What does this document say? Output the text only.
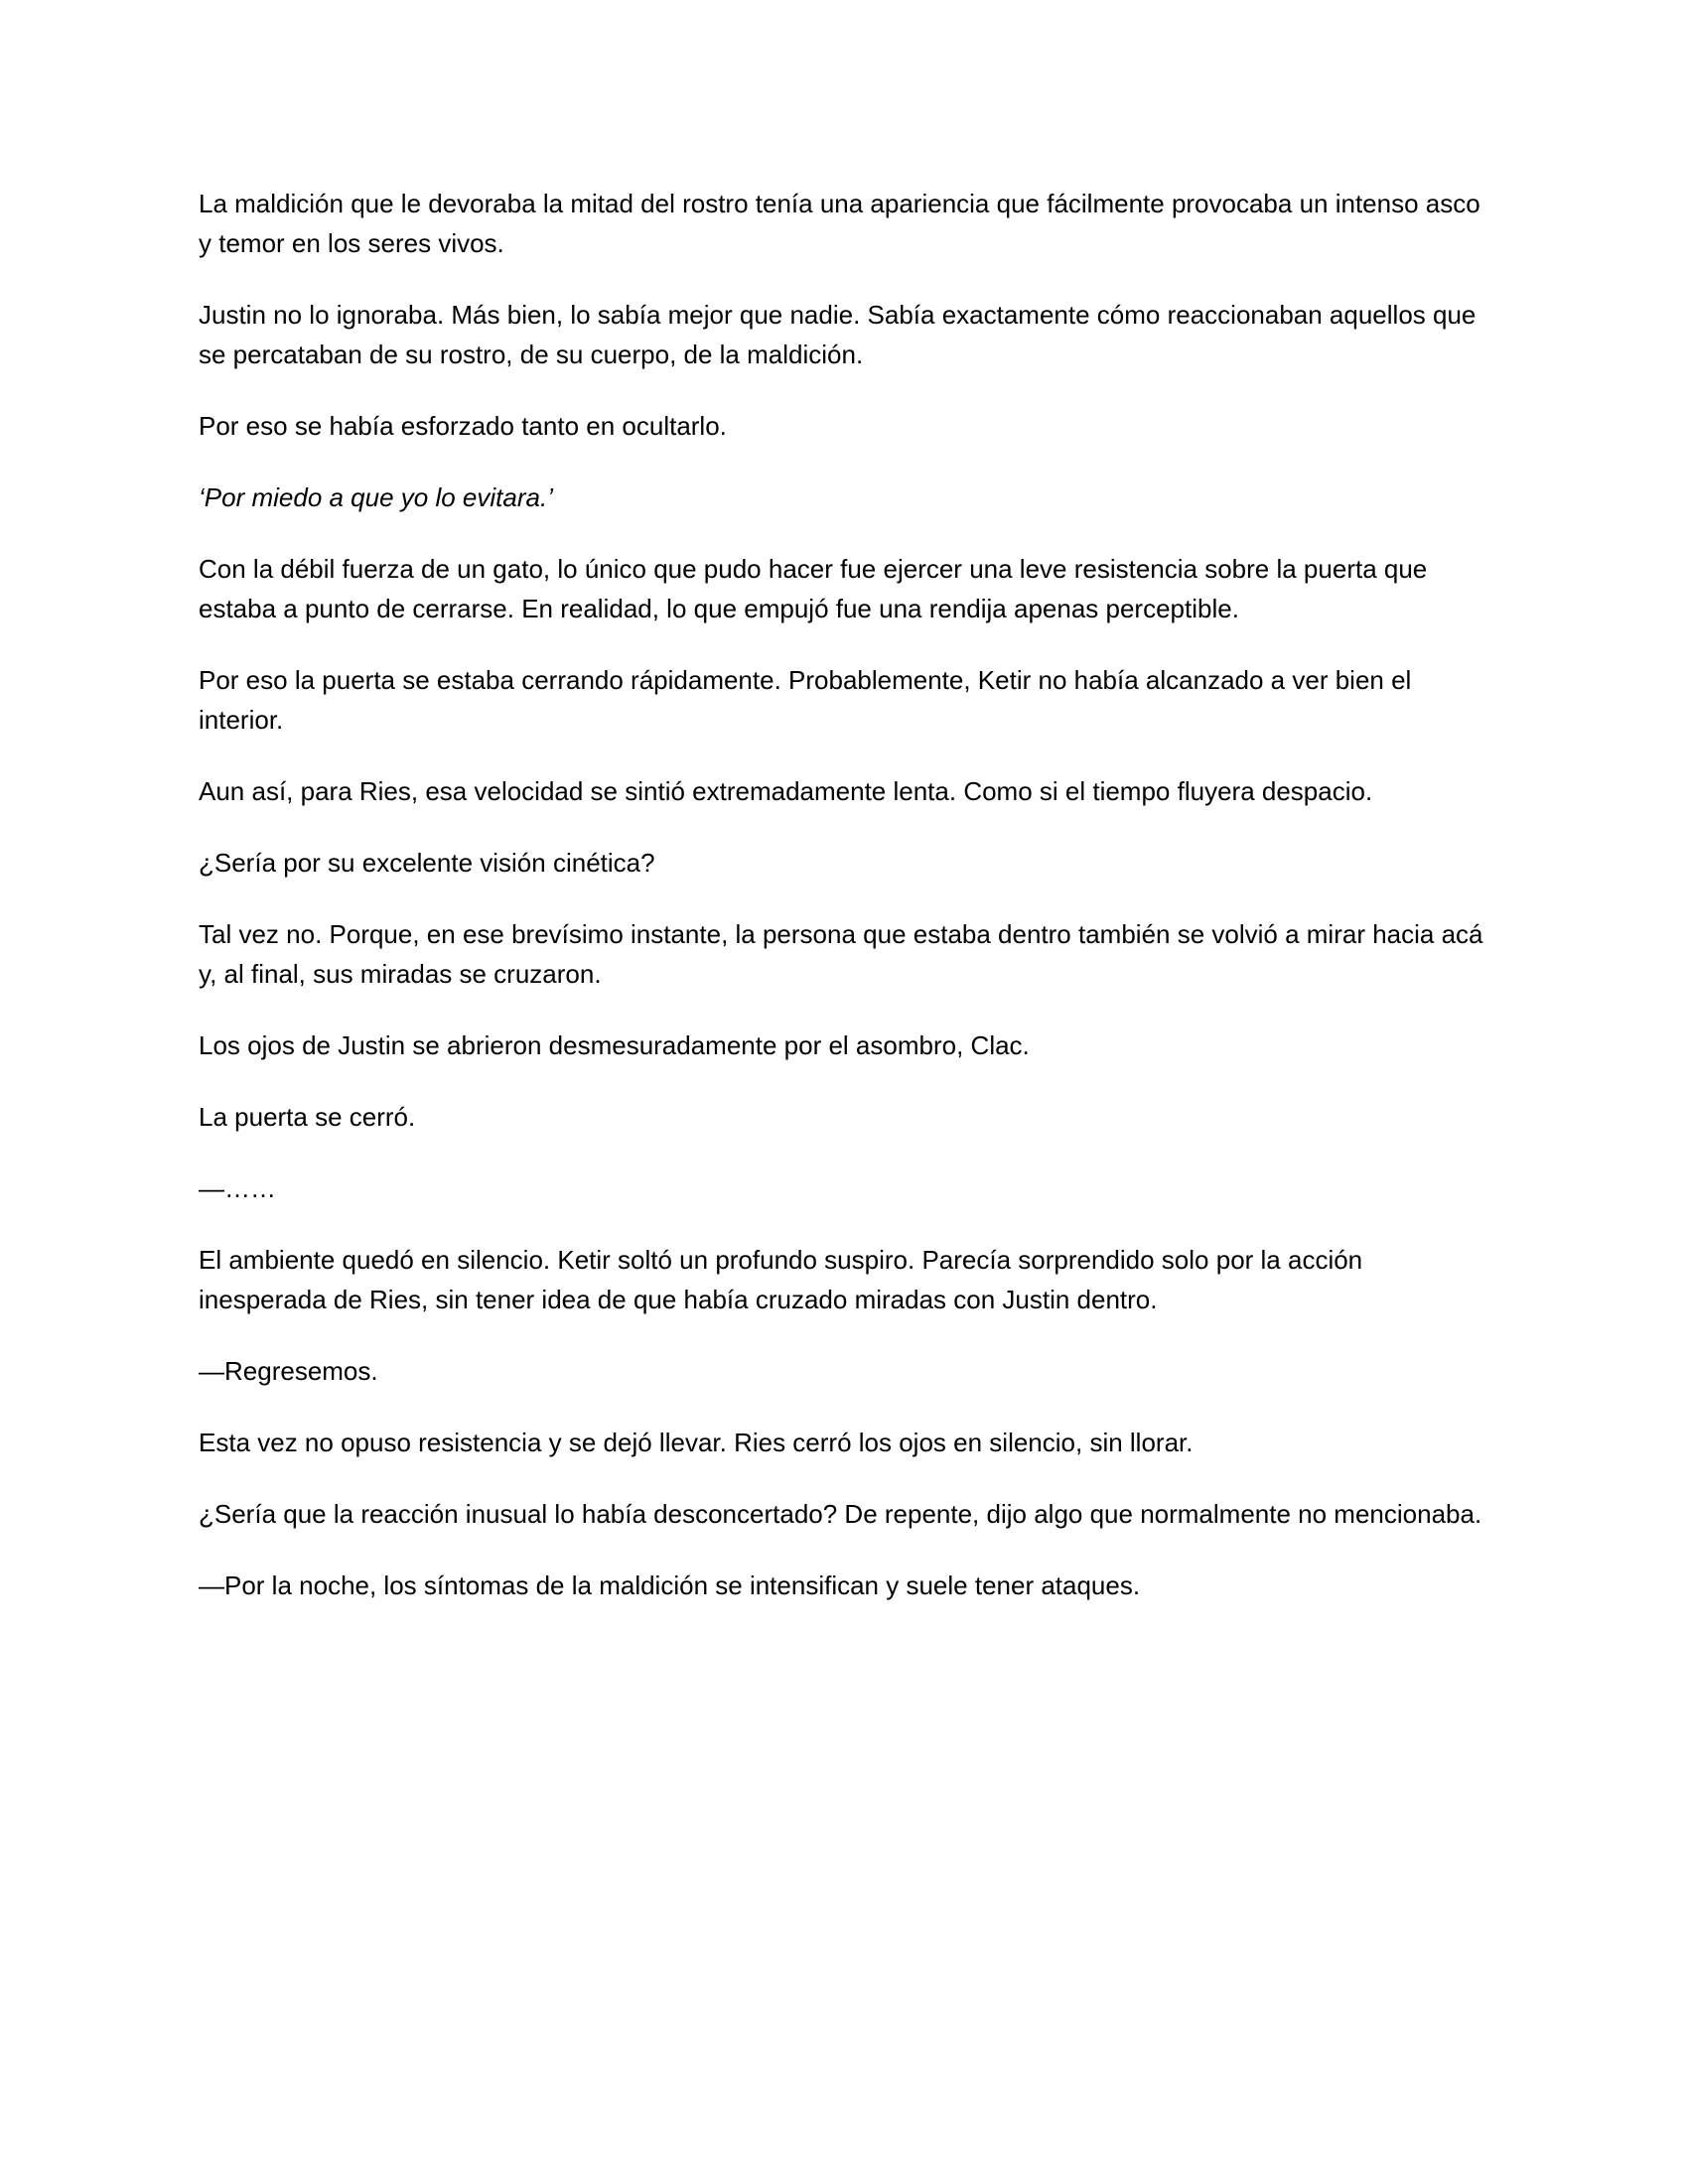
La maldición que le devoraba la mitad del rostro tenía una apariencia que fácilmente provocaba un intenso asco y temor en los seres vivos.

Justin no lo ignoraba. Más bien, lo sabía mejor que nadie. Sabía exactamente cómo reaccionaban aquellos que se percataban de su rostro, de su cuerpo, de la maldición.

Por eso se había esforzado tanto en ocultarlo.

‘Por miedo a que yo lo evitara.’

Con la débil fuerza de un gato, lo único que pudo hacer fue ejercer una leve resistencia sobre la puerta que estaba a punto de cerrarse. En realidad, lo que empujó fue una rendija apenas perceptible.

Por eso la puerta se estaba cerrando rápidamente. Probablemente, Ketir no había alcanzado a ver bien el interior.

Aun así, para Ries, esa velocidad se sintió extremadamente lenta. Como si el tiempo fluyera despacio.

¿Sería por su excelente visión cinética?

Tal vez no. Porque, en ese brevísimo instante, la persona que estaba dentro también se volvió a mirar hacia acá y, al final, sus miradas se cruzaron.

Los ojos de Justin se abrieron desmesuradamente por el asombro, Clac.

La puerta se cerró.

—……

El ambiente quedó en silencio. Ketir soltó un profundo suspiro. Parecía sorprendido solo por la acción inesperada de Ries, sin tener idea de que había cruzado miradas con Justin dentro.

—Regresemos.

Esta vez no opuso resistencia y se dejó llevar. Ries cerró los ojos en silencio, sin llorar.

¿Sería que la reacción inusual lo había desconcertado? De repente, dijo algo que normalmente no mencionaba.

—Por la noche, los síntomas de la maldición se intensifican y suele tener ataques.
